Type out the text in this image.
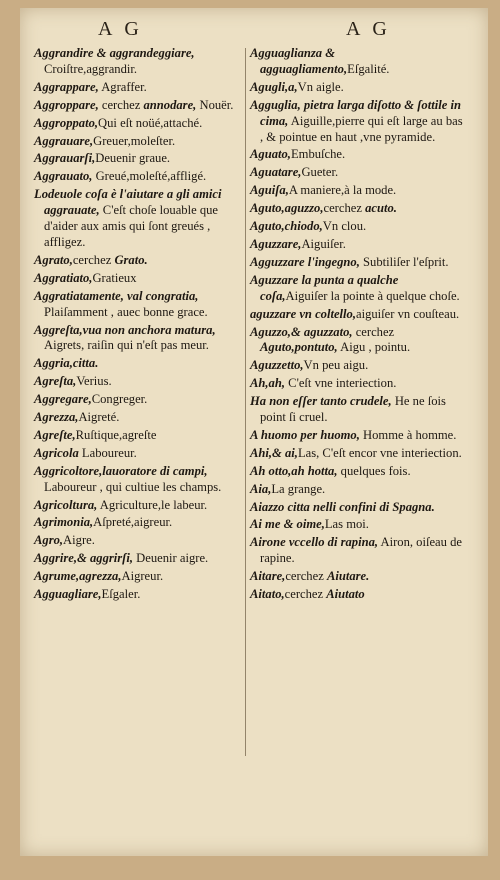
A G	A G
Aggrandire & aggrandeggiare, Croiſtre,aggrandir.
Aggrappare, Agraffer.
Aggroppare, cerchez annodare, Nouër.
Aggroppato,Qui eſt noüé,attaché.
Aggrauare,Greuer,moleſter.
Aggrauarſi,Deuenir graue.
Aggrauato, Greué,moleſté,affligé.
Lodeuole coſa è l'aiutare a gli amici aggrauate, C'eſt choſe louable que d'aider aux amis qui ſont greués , affligez.
Agrato,cerchez Grato.
Aggratiato,Gratieux
Aggratiatamente, val congratia, Plaiſamment , auec bonne grace.
Aggreſta,vua non anchora matura, Aigrets, raiſin qui n'eſt pas meur.
Aggria,citta.
Agreſta,Verius.
Aggregare,Congreger.
Agrezza,Aigreté.
Agreſte,Ruſtique,agreſte
Agricola Laboureur.
Aggricoltore,lauoratore di campi, Laboureur , qui cultiue les champs.
Agricoltura, Agriculture,le labeur.
Agrimonia,Aſpreté,aigreur.
Agro,Aigre.
Aggrire,& aggrirſi, Deuenir aigre.
Agrume,agrezza,Aigreur.
Agguagliare,Eſgaler.
Agguaglianza & agguagliamento,Eſgalité.
Agugli,a,Vn aigle.
Agguglia, pietra larga diſotto & ſottile in cima, Aiguille,pierre qui eſt large au bas , & pointue en haut ,vne pyramide.
Aguato,Embuſche.
Aguatare,Gueter.
Aguiſa,A maniere,à la mode.
Aguto,aguzzo,cerchez acuto.
Aguto,chiodo,Vn clou.
Aguzzare,Aiguiſer.
Agguzzare l'ingegno, Subtiliſer l'eſprit.
Aguzzare la punta a qualche coſa,Aiguiſer la pointe à quelque choſe.
aguzzare vn coltello,aiguiſer vn couſteau.
Aguzzo,& aguzzato, cerchez Aguto,pontuto, Aigu , pointu.
Aguzzetto,Vn peu aigu.
Ah,ah, C'eſt vne interiection.
Ha non eſſer tanto crudele, He ne ſois point ſi cruel.
A huomo per huomo, Homme à homme.
Ahi,& ai,Las, C'eſt encor vne interiection.
Ah otto,ah hotta, quelques fois.
Aia,La grange.
Aiazzo citta nelli confini di Spagna.
Ai me & oime,Las moi.
Airone vccello di rapina, Airon, oiſeau de rapine.
Aitare,cerchez Aiutare.
Aitato,cerchez Aiutato
